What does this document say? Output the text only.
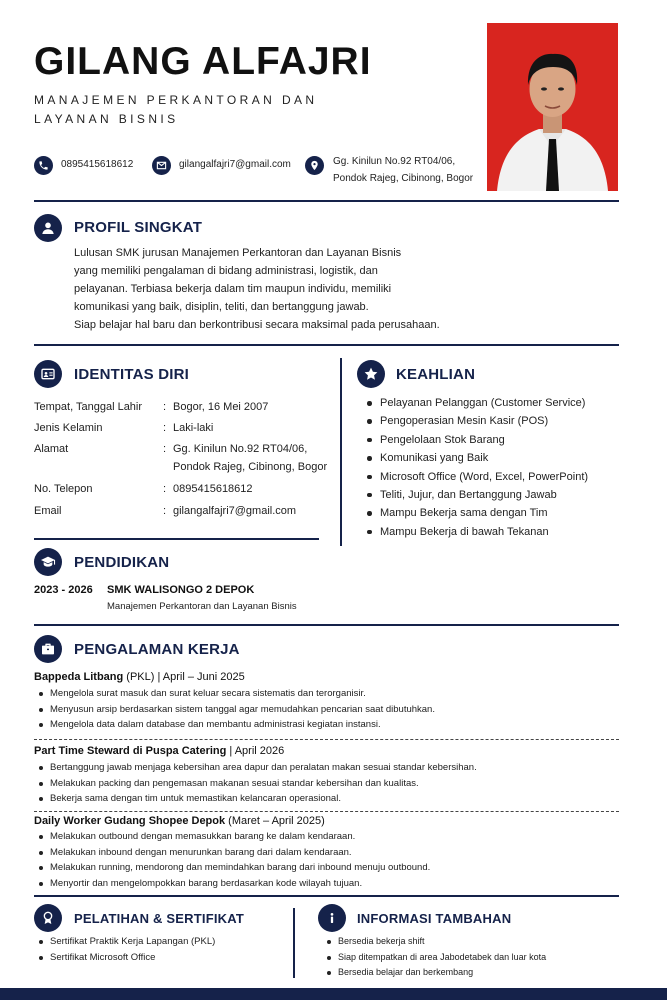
GILANG ALFAJRI
MANAJEMEN PERKANTORAN DAN
LAYANAN BISNIS
0895415618612	gilangalfajri7@gmail.com	Gg. Kinilun No.92 RT04/06,
Pondok Rajeg, Cibinong, Bogor
PROFIL SINGKAT
Lulusan SMK jurusan Manajemen Perkantoran dan Layanan Bisnis
yang memiliki pengalaman di bidang administrasi, logistik, dan
pelayanan. Terbiasa bekerja dalam tim maupun individu, memiliki
komunikasi yang baik, disiplin, teliti, dan bertanggung jawab.
Siap belajar hal baru dan berkontribusi secara maksimal pada perusahaan.
IDENTITAS DIRI
Tempat, Tanggal Lahir : Bogor, 16 Mei 2007
Jenis Kelamin	: Laki-laki
Alamat	: Gg. Kinilun No.92 RT04/06,
Pondok Rajeg, Cibinong, Bogor
No. Telepon	: 0895415618612
Email	: gilangalfajri7@gmail.com
KEAHLIAN
Pelayanan Pelanggan (Customer Service)
Pengoperasian Mesin Kasir (POS)
Pengelolaan Stok Barang
Komunikasi yang Baik
Microsoft Office (Word, Excel, PowerPoint)
Teliti, Jujur, dan Bertanggung Jawab
Mampu Bekerja sama dengan Tim
Mampu Bekerja di bawah Tekanan
PENDIDIKAN
2023 - 2026 SMK WALISONGO 2 DEPOK
Manajemen Perkantoran dan Layanan Bisnis
PENGALAMAN KERJA
Bappeda Litbang (PKL) | April – Juni 2025
Mengelola surat masuk dan surat keluar secara sistematis dan terorganisir.
Menyusun arsip berdasarkan sistem tanggal agar memudahkan pencarian saat dibutuhkan.
Mengelola data dalam database dan membantu administrasi kegiatan instansi.
Part Time Steward di Puspa Catering | April 2026
Bertanggung jawab menjaga kebersihan area dapur dan peralatan makan sesuai standar kebersihan.
Melakukan packing dan pengemasan makanan sesuai standar kebersihan dan kualitas.
Bekerja sama dengan tim untuk memastikan kelancaran operasional.
Daily Worker Gudang Shopee Depok (Maret – April 2025)
Melakukan outbound dengan memasukkan barang ke dalam kendaraan.
Melakukan inbound dengan menurunkan barang dari dalam kendaraan.
Melakukan running, mendorong dan memindahkan barang dari inbound menuju outbound.
Menyortir dan mengelompokkan barang berdasarkan kode wilayah tujuan.
PELATIHAN & SERTIFIKAT
Sertifikat Praktik Kerja Lapangan (PKL)
Sertifikat Microsoft Office
INFORMASI TAMBAHAN
Bersedia bekerja shift
Siap ditempatkan di area Jabodetabek dan luar kota
Bersedia belajar dan berkembang
